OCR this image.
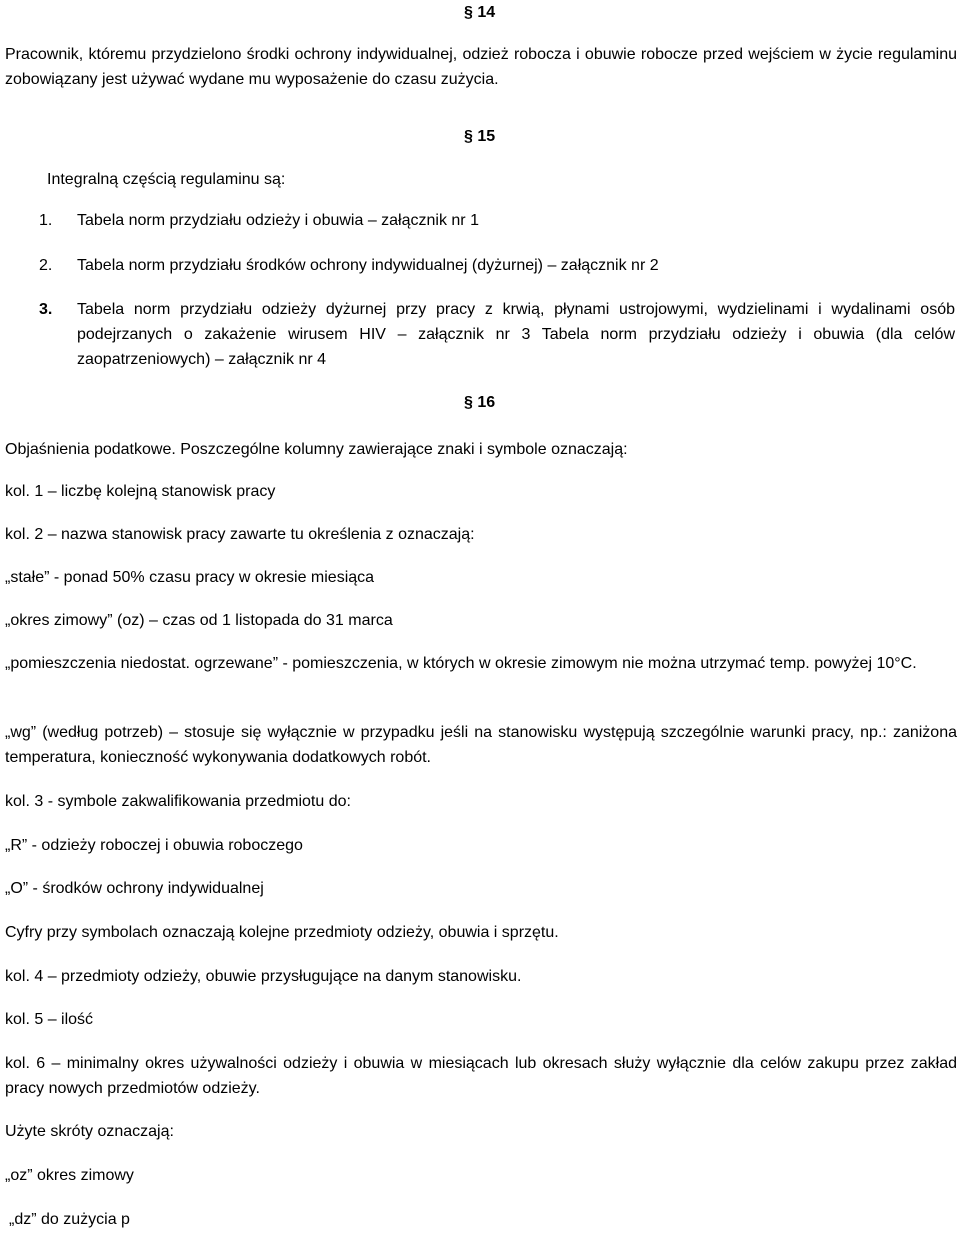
§ 14
Pracownik, któremu przydzielono środki ochrony indywidualnej, odzież robocza i obuwie robocze przed wejściem w życie regulaminu zobowiązany jest używać wydane mu wyposażenie do czasu zużycia.
§ 15
Integralną częścią regulaminu są:
1.	Tabela norm przydziału odzieży i obuwia – załącznik nr 1
2.	Tabela norm przydziału środków ochrony indywidualnej (dyżurnej) – załącznik nr 2
3.	Tabela norm przydziału odzieży dyżurnej przy pracy z krwią, płynami ustrojowymi, wydzielinami i wydalinami osób podejrzanych o zakażenie wirusem HIV – załącznik nr 3 Tabela norm przydziału odzieży i obuwia (dla celów zaopatrzeniowych) – załącznik nr 4
§ 16
Objaśnienia podatkowe. Poszczególne kolumny zawierające znaki i symbole oznaczają:
kol. 1 – liczbę kolejną stanowisk pracy
kol. 2 – nazwa stanowisk pracy zawarte tu określenia z oznaczają:
„stałe” - ponad 50% czasu pracy w okresie miesiąca
„okres zimowy” (oz) – czas od 1 listopada do 31 marca
„pomieszczenia niedostat. ogrzewane” - pomieszczenia, w których w okresie zimowym nie można utrzymać temp. powyżej 10°C.
„wg” (według potrzeb) – stosuje się wyłącznie w przypadku jeśli na stanowisku występują szczególnie warunki pracy, np.: zaniżona temperatura, konieczność wykonywania dodatkowych robót.
kol. 3 - symbole zakwalifikowania przedmiotu do:
„R” - odzieży roboczej i obuwia roboczego
„O” - środków ochrony indywidualnej
Cyfry przy symbolach oznaczają kolejne przedmioty odzieży, obuwia i sprzętu.
kol. 4 – przedmioty odzieży, obuwie przysługujące na danym stanowisku.
kol. 5 – ilość
kol. 6 – minimalny okres używalności odzieży i obuwia w miesiącach lub okresach służy wyłącznie dla celów zakupu przez zakład pracy nowych przedmiotów odzieży.
Użyte skróty oznaczają:
„oz” okres zimowy
„dz” do zużycia p
